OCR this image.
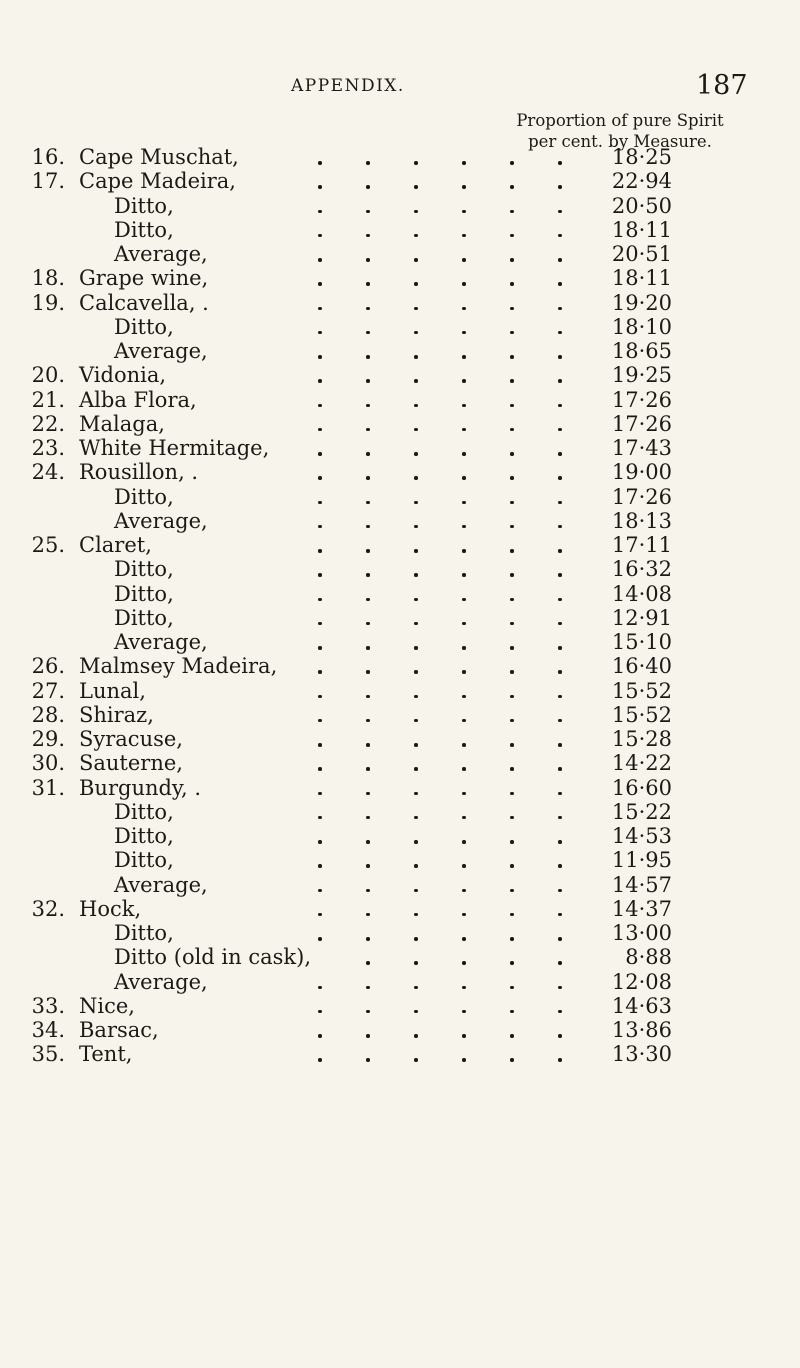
APPENDIX.	187
Proportion of pure Spirit
per cent. by Measure.
16. Cape Muschat,	18·25
17. Cape Madeira,	22·94
Ditto,	20·50
Ditto,	18·11
Average,	20·51
18. Grape wine,	18·11
19. Calcavella, .	19·20
Ditto,	18·10
Average,	18·65
20. Vidonia,	19·25
21. Alba Flora,	17·26
22. Malaga,	17·26
23. White Hermitage,	17·43
24. Rousillon, .	19·00
Ditto,	17·26
Average,	18·13
25. Claret,	17·11
Ditto,	16·32
Ditto,	14·08
Ditto,	12·91
Average,	15·10
26. Malmsey Madeira,	16·40
27. Lunal,	15·52
28. Shiraz,	15·52
29. Syracuse,	15·28
30. Sauterne,	14·22
31. Burgundy, .	16·60
Ditto,	15·22
Ditto,	14·53
Ditto,	11·95
Average,	14·57
32. Hock,	14·37
Ditto,	13·00
Ditto (old in cask),	8·88
Average,	12·08
33. Nice,	14·63
34. Barsac,	13·86
35. Tent,	13·30
